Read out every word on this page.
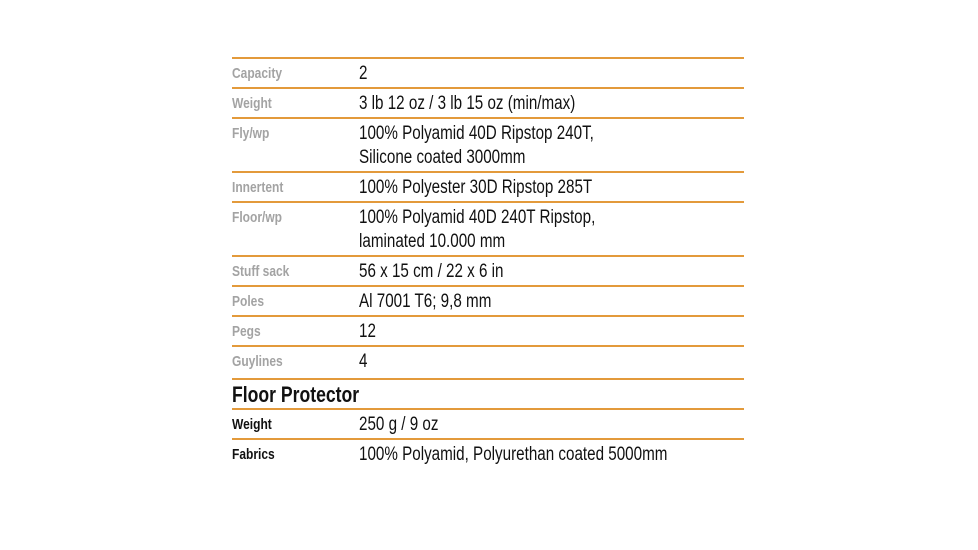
Capacity	2
Weight	3 lb 12 oz / 3 lb 15 oz (min/max)
Fly/wp	100% Polyamid 40D Ripstop 240T,
Silicone coated 3000mm
Innertent	100% Polyester 30D Ripstop 285T
Floor/wp	100% Polyamid 40D 240T Ripstop,
laminated 10.000 mm
Stuff sack	56 x 15 cm / 22 x 6 in
Poles	Al 7001 T6; 9,8 mm
Pegs	12
Guylines	4
Floor Protector
Weight	250 g / 9 oz
Fabrics	100% Polyamid, Polyurethan coated 5000mm
